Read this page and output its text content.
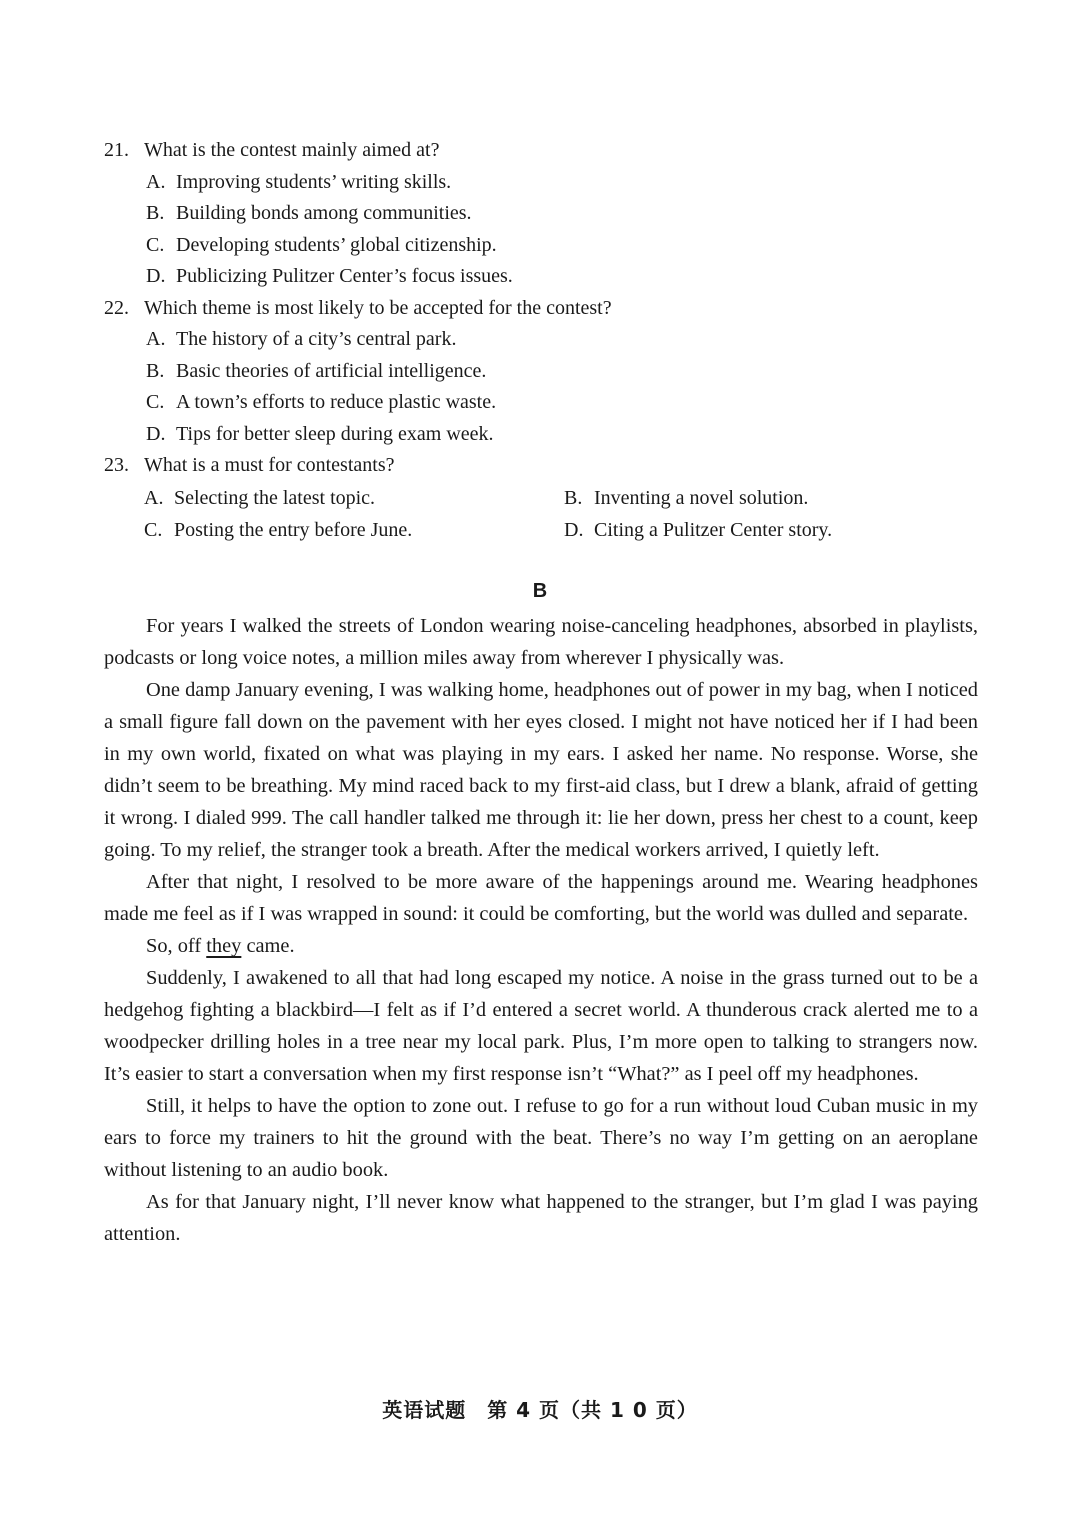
21. What is the contest mainly aimed at?
A. Improving students’ writing skills.
B. Building bonds among communities.
C. Developing students’ global citizenship.
D. Publicizing Pulitzer Center’s focus issues.
22. Which theme is most likely to be accepted for the contest?
A. The history of a city’s central park.
B. Basic theories of artificial intelligence.
C. A town’s efforts to reduce plastic waste.
D. Tips for better sleep during exam week.
23. What is a must for contestants?
A. Selecting the latest topic.	B. Inventing a novel solution.
C. Posting the entry before June.	D. Citing a Pulitzer Center story.
B

For years I walked the streets of London wearing noise-canceling headphones, absorbed in playlists, podcasts or long voice notes, a million miles away from wherever I physically was.

One damp January evening, I was walking home, headphones out of power in my bag, when I noticed a small figure fall down on the pavement with her eyes closed. I might not have noticed her if I had been in my own world, fixated on what was playing in my ears. I asked her name. No response. Worse, she didn’t seem to be breathing. My mind raced back to my first-aid class, but I drew a blank, afraid of getting it wrong. I dialed 999. The call handler talked me through it: lie her down, press her chest to a count, keep going. To my relief, the stranger took a breath. After the medical workers arrived, I quietly left.

After that night, I resolved to be more aware of the happenings around me. Wearing headphones made me feel as if I was wrapped in sound: it could be comforting, but the world was dulled and separate.

So, off they came.

Suddenly, I awakened to all that had long escaped my notice. A noise in the grass turned out to be a hedgehog fighting a blackbird—I felt as if I’d entered a secret world. A thunderous crack alerted me to a woodpecker drilling holes in a tree near my local park. Plus, I’m more open to talking to strangers now. It’s easier to start a conversation when my first response isn’t “What?” as I peel off my headphones.

Still, it helps to have the option to zone out. I refuse to go for a run without loud Cuban music in my ears to force my trainers to hit the ground with the beat. There’s no way I’m getting on an aeroplane without listening to an audio book.

As for that January night, I’ll never know what happened to the stranger, but I’m glad I was paying attention.

英语试题　第 4 页（共 1 0 页）
